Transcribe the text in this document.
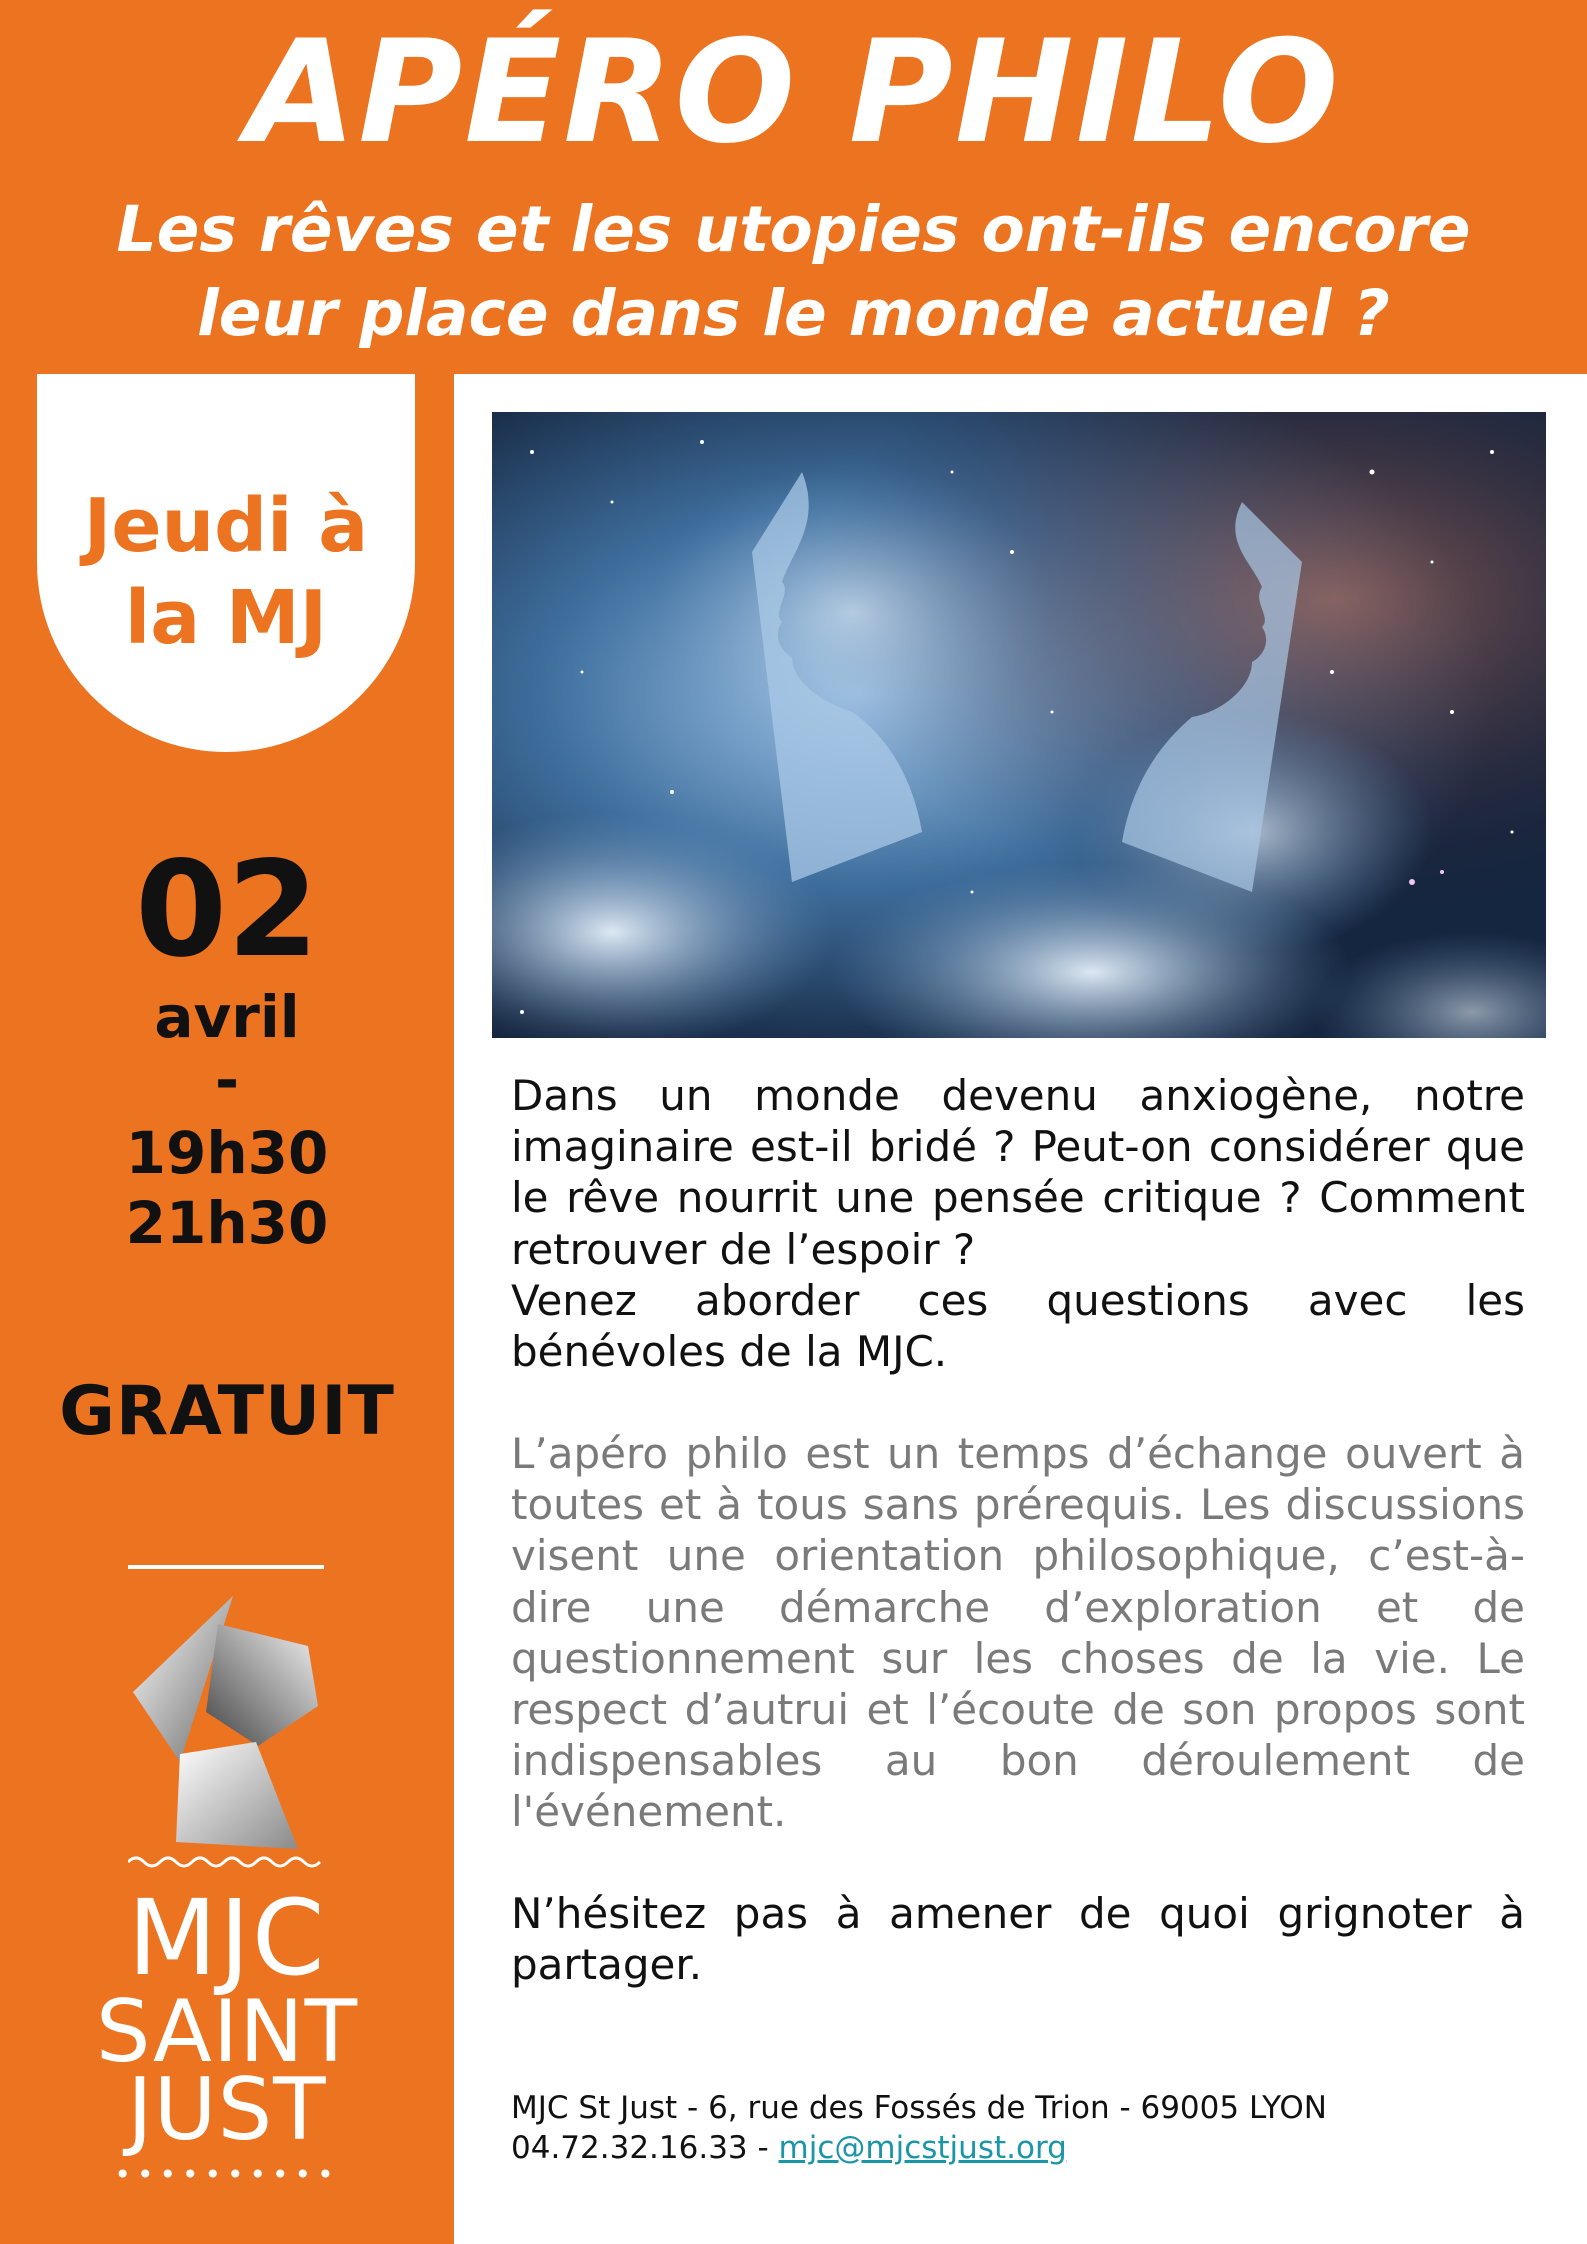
APÉRO PHILO
Les rêves et les utopies ont-ils encore
leur place dans le monde actuel ?
Jeudi à
la MJ
02
avril
-
19h30
21h30
GRATUIT
MJC
SAINT
JUST
••••••••••
Dans un monde devenu anxiogène, notre imaginaire est-il bridé ? Peut-on considérer que le rêve nourrit une pensée critique ? Comment retrouver de l’espoir ?
Venez aborder ces questions avec les bénévoles de la MJC.
L’apéro philo est un temps d’échange ouvert à toutes et à tous sans prérequis. Les discussions visent une orientation philosophique, c’est-à-dire une démarche d’exploration et de questionnement sur les choses de la vie. Le respect d’autrui et l’écoute de son propos sont indispensables au bon déroulement de l'événement.
N’hésitez pas à amener de quoi grignoter à partager.
MJC St Just - 6, rue des Fossés de Trion - 69005 LYON
04.72.32.16.33 - mjc@mjcstjust.org
